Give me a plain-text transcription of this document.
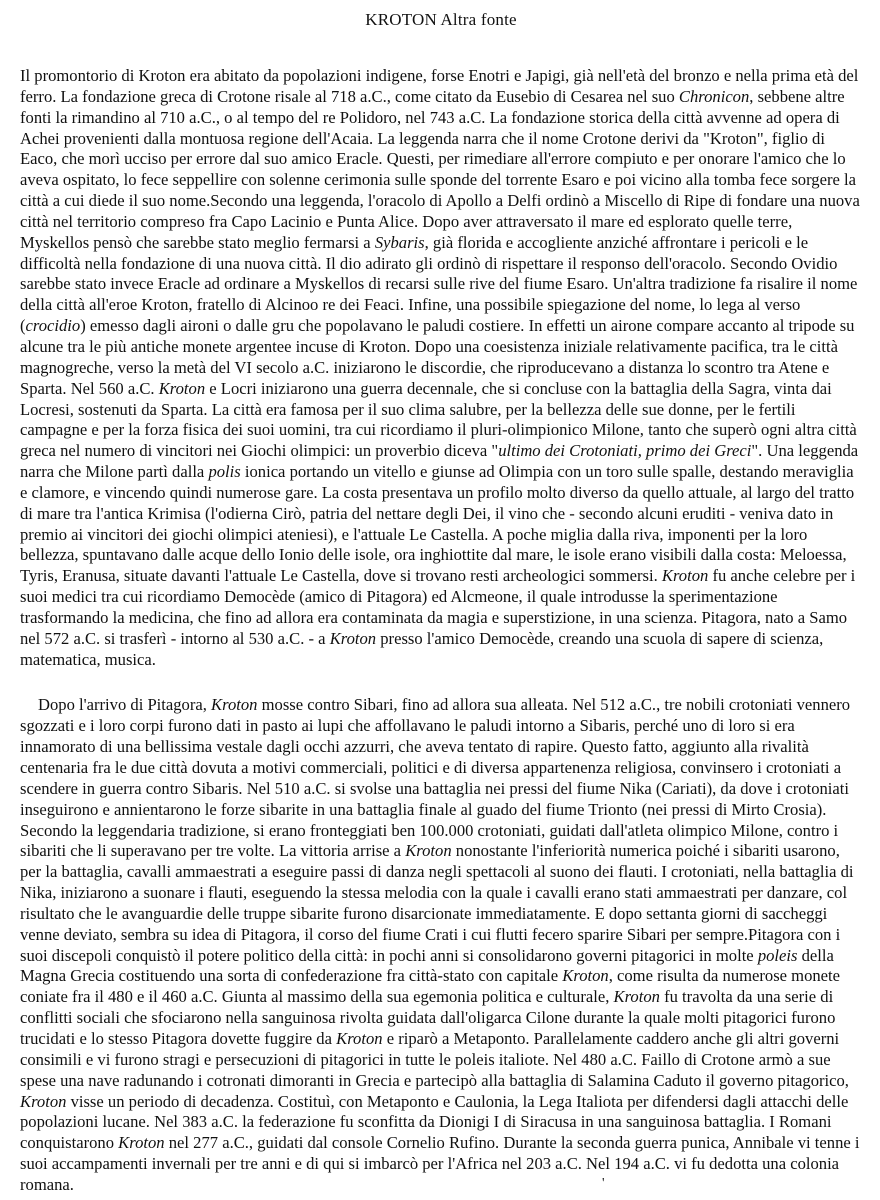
KROTON Altra fonte

Il promontorio di Kroton era abitato da popolazioni indigene, forse Enotri e Japigi, già nell'età del bronzo e nella prima età del ferro. La fondazione greca di Crotone risale al 718 a.C., come citato da Eusebio di Cesarea nel suo Chronicon, sebbene altre fonti la rimandino al 710 a.C., o al tempo del re Polidoro, nel 743 a.C. La fondazione storica della città avvenne ad opera di Achei provenienti dalla montuosa regione dell'Acaia. La leggenda narra che il nome Crotone derivi da "Kroton", figlio di Eaco, che morì ucciso per errore dal suo amico Eracle. Questi, per rimediare all'errore compiuto e per onorare l'amico che lo aveva ospitato, lo fece seppellire con solenne cerimonia sulle sponde del torrente Esaro e poi vicino alla tomba fece sorgere la città a cui diede il suo nome.Secondo una leggenda, l'oracolo di Apollo a Delfi ordinò a Miscello di Ripe di fondare una nuova città nel territorio compreso fra Capo Lacinio e Punta Alice. Dopo aver attraversato il mare ed esplorato quelle terre, Myskellos pensò che sarebbe stato meglio fermarsi a Sybaris, già florida e accogliente anziché affrontare i pericoli e le difficoltà nella fondazione di una nuova città. Il dio adirato gli ordinò di rispettare il responso dell'oracolo. Secondo Ovidio sarebbe stato invece Eracle ad ordinare a Myskellos di recarsi sulle rive del fiume Esaro. Un'altra tradizione fa risalire il nome della città all'eroe Kroton, fratello di Alcinoo re dei Feaci. Infine, una possibile spiegazione del nome, lo lega al verso (crocidio) emesso dagli aironi o dalle gru che popolavano le paludi costiere. In effetti un airone compare accanto al tripode su alcune tra le più antiche monete argentee incuse di Kroton. Dopo una coesistenza iniziale relativamente pacifica, tra le città magnogreche, verso la metà del VI secolo a.C. iniziarono le discordie, che riproducevano a distanza lo scontro tra Atene e Sparta. Nel 560 a.C. Kroton e Locri iniziarono una guerra decennale, che si concluse con la battaglia della Sagra, vinta dai Locresi, sostenuti da Sparta. La città era famosa per il suo clima salubre, per la bellezza delle sue donne, per le fertili campagne e per la forza fisica dei suoi uomini, tra cui ricordiamo il pluri-olimpionico Milone, tanto che superò ogni altra città greca nel numero di vincitori nei Giochi olimpici: un proverbio diceva "ultimo dei Crotoniati, primo dei Greci". Una leggenda narra che Milone partì dalla polis ionica portando un vitello e giunse ad Olimpia con un toro sulle spalle, destando meraviglia e clamore, e vincendo quindi numerose gare. La costa presentava un profilo molto diverso da quello attuale, al largo del tratto di mare tra l'antica Krimisa (l'odierna Cirò, patria del nettare degli Dei, il vino che - secondo alcuni eruditi - veniva dato in premio ai vincitori dei giochi olimpici ateniesi), e l'attuale Le Castella. A poche miglia dalla riva, imponenti per la loro bellezza, spuntavano dalle acque dello Ionio delle isole, ora inghiottite dal mare, le isole erano visibili dalla costa: Meloessa, Tyris, Eranusa, situate davanti l'attuale Le Castella, dove si trovano resti archeologici sommersi. Kroton fu anche celebre per i suoi medici tra cui ricordiamo Democède (amico di Pitagora) ed Alcmeone, il quale introdusse la sperimentazione trasformando la medicina, che fino ad allora era contaminata da magia e superstizione, in una scienza. Pitagora, nato a Samo nel 572 a.C. si trasferì - intorno al 530 a.C. - a Kroton presso l'amico Democède, creando una scuola di sapere di scienza, matematica, musica.

Dopo l'arrivo di Pitagora, Kroton mosse contro Sibari, fino ad allora sua alleata. Nel 512 a.C., tre nobili crotoniati vennero sgozzati e i loro corpi furono dati in pasto ai lupi che affollavano le paludi intorno a Sibaris, perché uno di loro si era innamorato di una bellissima vestale dagli occhi azzurri, che aveva tentato di rapire. Questo fatto, aggiunto alla rivalità centenaria fra le due città dovuta a motivi commerciali, politici e di diversa appartenenza religiosa, convinsero i crotoniati a scendere in guerra contro Sibaris. Nel 510 a.C. si svolse una battaglia nei pressi del fiume Nika (Cariati), da dove i crotoniati inseguirono e annientarono le forze sibarite in una battaglia finale al guado del fiume Trionto (nei pressi di Mirto Crosia). Secondo la leggendaria tradizione, si erano fronteggiati ben 100.000 crotoniati, guidati dall'atleta olimpico Milone, contro i sibariti che li superavano per tre volte. La vittoria arrise a Kroton nonostante l'inferiorità numerica poiché i sibariti usarono, per la battaglia, cavalli ammaestrati a eseguire passi di danza negli spettacoli al suono dei flauti. I crotoniati, nella battaglia di Nika, iniziarono a suonare i flauti, eseguendo la stessa melodia con la quale i cavalli erano stati ammaestrati per danzare, col risultato che le avanguardie delle truppe sibarite furono disarcionate immediatamente. E dopo settanta giorni di saccheggi venne deviato, sembra su idea di Pitagora, il corso del fiume Crati i cui flutti fecero sparire Sibari per sempre.Pitagora con i suoi discepoli conquistò il potere politico della città: in pochi anni si consolidarono governi pitagorici in molte poleis della Magna Grecia costituendo una sorta di confederazione fra città-stato con capitale Kroton, come risulta da numerose monete coniate fra il 480 e il 460 a.C. Giunta al massimo della sua egemonia politica e culturale, Kroton fu travolta da una serie di conflitti sociali che sfociarono nella sanguinosa rivolta guidata dall'oligarca Cilone durante la quale molti pitagorici furono trucidati e lo stesso Pitagora dovette fuggire da Kroton e riparò a Metaponto. Parallelamente caddero anche gli altri governi consimili e vi furono stragi e persecuzioni di pitagorici in tutte le poleis italiote. Nel 480 a.C. Faillo di Crotone armò a sue spese una nave radunando i cotronati dimoranti in Grecia e partecipò alla battaglia di Salamina Caduto il governo pitagorico, Kroton visse un periodo di decadenza. Costituì, con Metaponto e Caulonia, la Lega Italiota per difendersi dagli attacchi delle popolazioni lucane. Nel 383 a.C. la federazione fu sconfitta da Dionigi I di Siracusa in una sanguinosa battaglia. I Romani conquistarono Kroton nel 277 a.C., guidati dal console Cornelio Rufino. Durante la seconda guerra punica, Annibale vi tenne i suoi accampamenti invernali per tre anni e di qui si imbarcò per l'Africa nel 203 a.C. Nel 194 a.C. vi fu dedotta una colonia romana.	'
